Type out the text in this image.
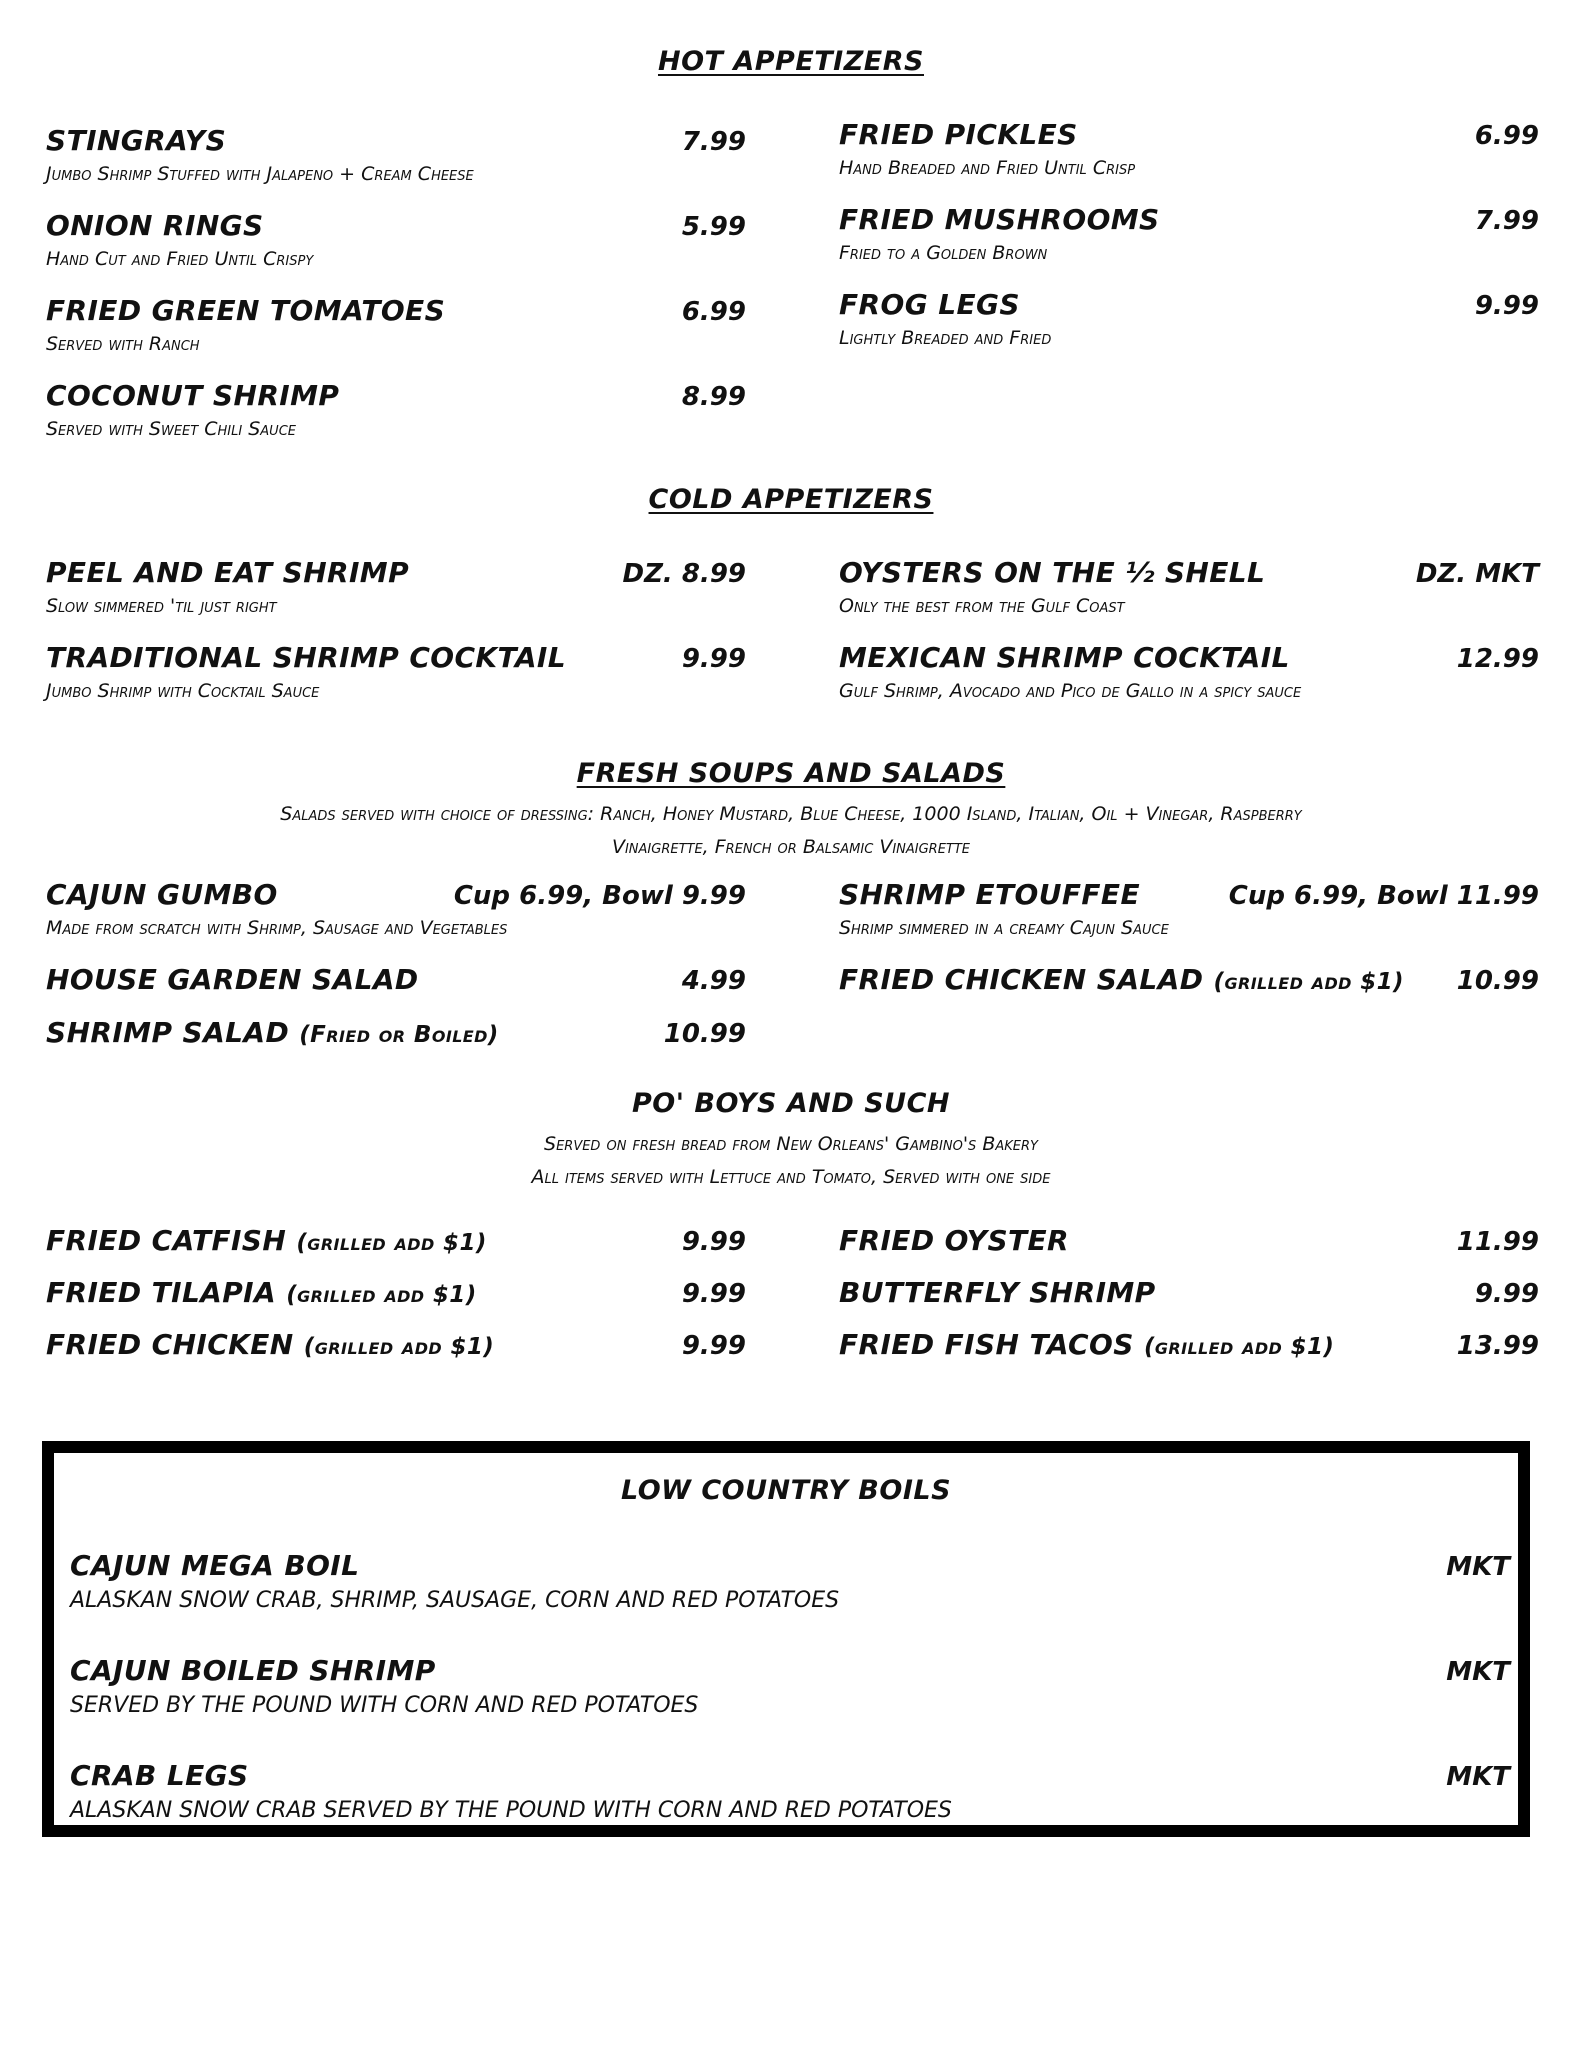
HOT APPETIZERS
STINGRAYS	7.99
Jumbo Shrimp Stuffed with Jalapeno + Cream Cheese
ONION RINGS	5.99
Hand Cut and Fried Until Crispy
FRIED GREEN TOMATOES	6.99
Served with Ranch
COCONUT SHRIMP	8.99
Served with Sweet Chili Sauce
FRIED PICKLES	6.99
Hand Breaded and Fried Until Crisp
FRIED MUSHROOMS	7.99
Fried to a Golden Brown
FROG LEGS	9.99
Lightly Breaded and Fried
COLD APPETIZERS
PEEL AND EAT SHRIMP	DZ. 8.99
Slow simmered 'til just right
TRADITIONAL SHRIMP COCKTAIL	9.99
Jumbo Shrimp with Cocktail Sauce
OYSTERS ON THE ½ SHELL	DZ. MKT
Only the best from the Gulf Coast
MEXICAN SHRIMP COCKTAIL	12.99
Gulf Shrimp, Avocado and Pico de Gallo in a spicy sauce
FRESH SOUPS AND SALADS
Salads served with choice of dressing: Ranch, Honey Mustard, Blue Cheese, 1000 Island, Italian, Oil + Vinegar, Raspberry
Vinaigrette, French or Balsamic Vinaigrette
CAJUN GUMBO	Cup 6.99, Bowl 9.99
Made from scratch with Shrimp, Sausage and Vegetables
HOUSE GARDEN SALAD	4.99
SHRIMP SALAD (Fried or Boiled)	10.99
SHRIMP ETOUFFEE	Cup 6.99, Bowl 11.99
Shrimp simmered in a creamy Cajun Sauce
FRIED CHICKEN SALAD (grilled add $1) 10.99
PO' BOYS AND SUCH
Served on fresh bread from New Orleans' Gambino's Bakery
All items served with Lettuce and Tomato, Served with one side
FRIED CATFISH (grilled add $1)	9.99
FRIED TILAPIA (grilled add $1)	9.99
FRIED CHICKEN (grilled add $1)	9.99
FRIED OYSTER	11.99
BUTTERFLY SHRIMP	9.99
FRIED FISH TACOS (grilled add $1)	13.99
LOW COUNTRY BOILS
CAJUN MEGA BOIL	MKT
ALASKAN SNOW CRAB, SHRIMP, SAUSAGE, CORN AND RED POTATOES
CAJUN BOILED SHRIMP	MKT
SERVED BY THE POUND WITH CORN AND RED POTATOES
CRAB LEGS	MKT
ALASKAN SNOW CRAB SERVED BY THE POUND WITH CORN AND RED POTATOES
